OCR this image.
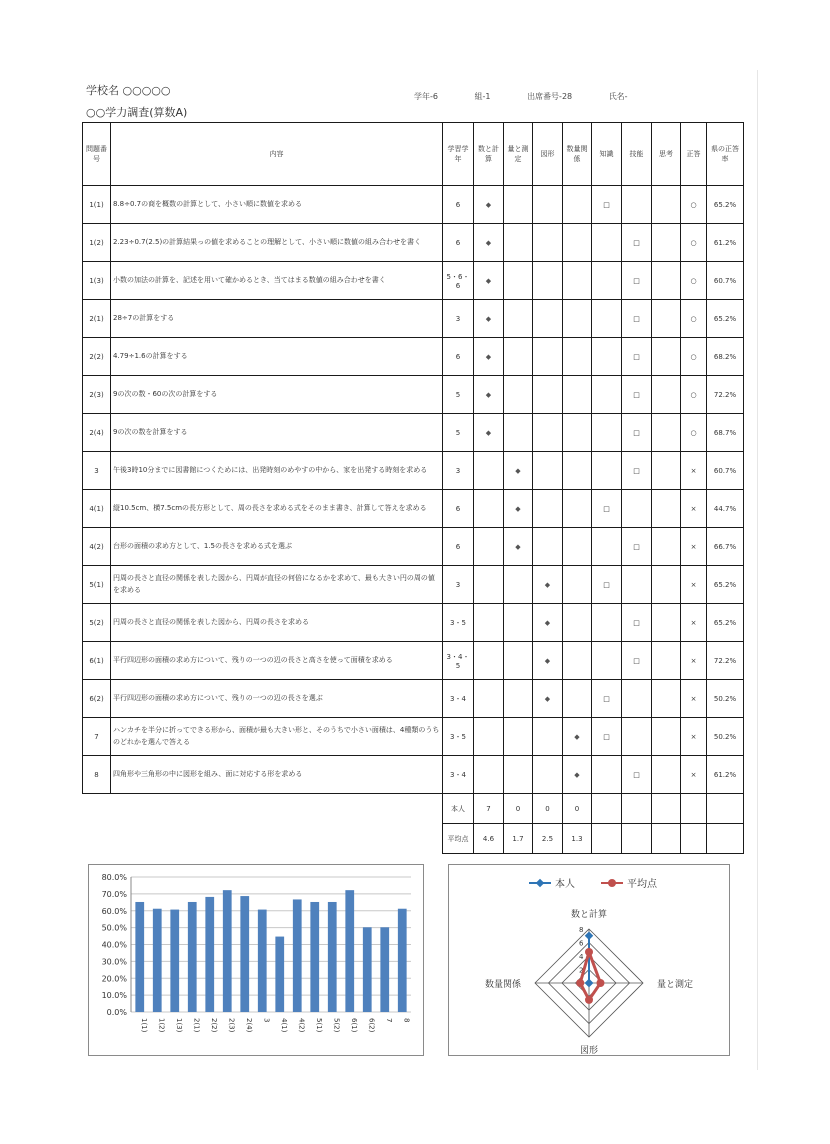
学校名 ○○○○○
○○学力調査(算数A)
学年-6	組-1	出席番号-28	氏名-
問題番号	内容	学習学年	数と計算	量と測定	図形	数量関係	知識	技能	思考	正答	県の正答率
1(1)	8.8÷0.7の商を概数の計算として、小さい順に数値を求める	6	◆				□			○	65.2%
1(2)	2.23÷0.7(2.5)の計算結果っの値を求めることの理解として、小さい順に数値の組み合わせを書く	6	◆					□		○	61.2%
1(3)	小数の加法の計算を、記述を用いて確かめるとき、当てはまる数値の組み合わせを書く	5・6・6	◆					□		○	60.7%
2(1)	28÷7の計算をする	3	◆					□		○	65.2%
2(2)	4.79÷1.6の計算をする	6	◆					□		○	68.2%
2(3)	9の次の数・60の次の計算をする	5	◆					□		○	72.2%
2(4)	9の次の数を計算をする	5	◆					□		○	68.7%
3	午後3時10分までに図書館につくためには、出発時刻のめやすの中から、家を出発する時刻を求める	3		◆				□		×	60.7%
4(1)	縦10.5cm、横7.5cmの長方形として、周の長さを求める式をそのまま書き、計算して答えを求める	6		◆			□			×	44.7%
4(2)	台形の面積の求め方として、1.5の長さを求める式を選ぶ	6		◆				□		×	66.7%
5(1)	円周の長さと直径の関係を表した図から、円周が直径の何倍になるかを求めて、最も大きい円の周の値を求める	3			◆		□			×	65.2%
5(2)	円周の長さと直径の関係を表した図から、円周の長さを求める	3・5			◆			□		×	65.2%
6(1)	平行四辺形の面積の求め方について、残りの一つの辺の長さと高さを使って面積を求める	3・4・5			◆			□		×	72.2%
6(2)	平行四辺形の面積の求め方について、残りの一つの辺の長さを選ぶ	3・4			◆		□			×	50.2%
7	ハンカチを半分に折ってできる形から、面積が最も大きい形と、そのうちで小さい面積は、4種類のうちのどれかを選んで答える	3・5				◆	□			×	50.2%
8	四角形や三角形の中に図形を組み、面に対応する形を求める	3・4				◆		□		×	61.2%
		本人	7	0	0	0					
		平均点	4.6	1.7	2.5	1.3					
0.0%
10.0%
20.0%
30.0%
40.0%
50.0%
60.0%
70.0%
80.0%
1(1) 1(2) 1(3) 2(1) 2(2) 2(3) 2(4) 3 4(1) 4(2) 5(1) 5(2) 6(1) 6(2) 7 8
本人	平均点
8
6
4
2
数と計算
量と測定
図形
数量関係
